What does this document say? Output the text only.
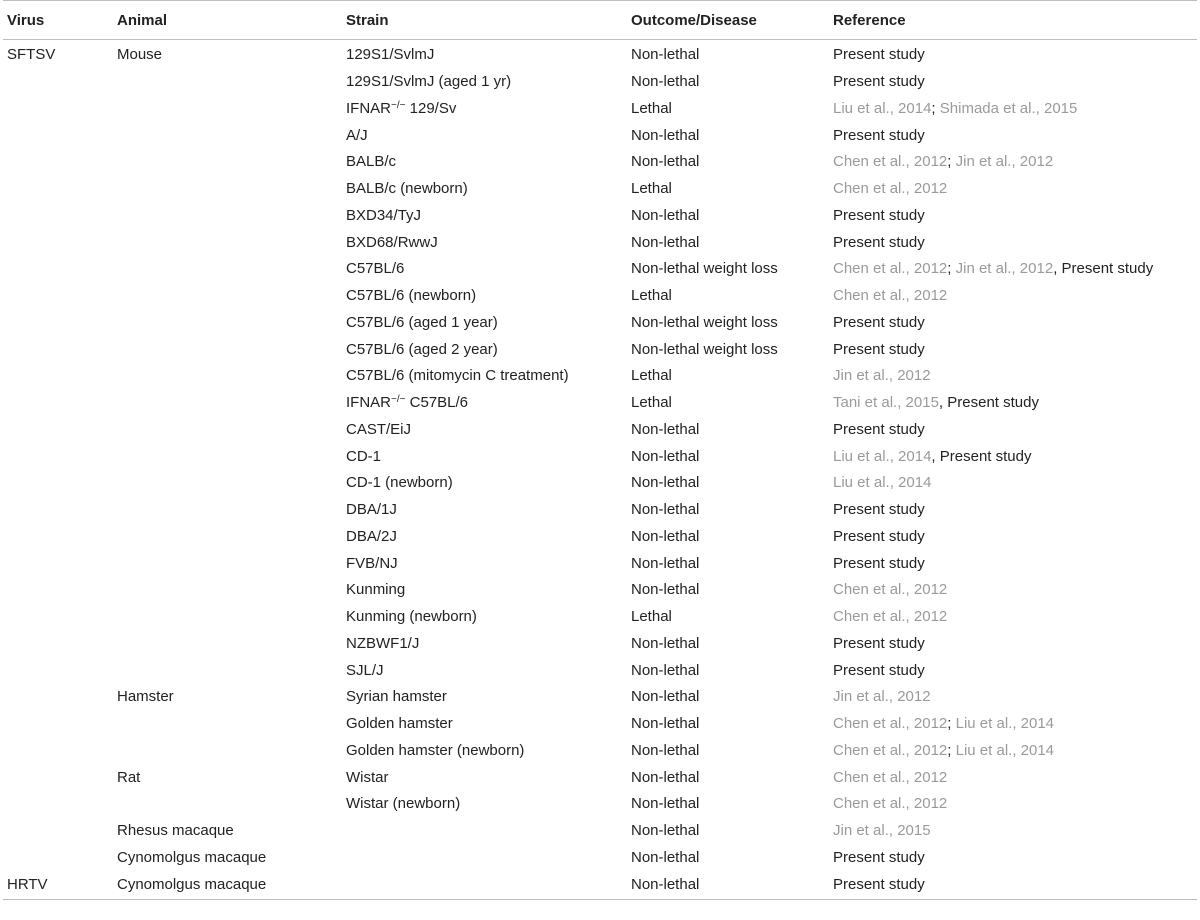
Virus	Animal	Strain	Outcome/Disease	Reference
SFTSV	Mouse	129S1/SvlmJ	Non-lethal	Present study
		129S1/SvlmJ (aged 1 yr)	Non-lethal	Present study
		IFNAR−/− 129/Sv	Lethal	Liu et al., 2014; Shimada et al., 2015
		A/J	Non-lethal	Present study
		BALB/c	Non-lethal	Chen et al., 2012; Jin et al., 2012
		BALB/c (newborn)	Lethal	Chen et al., 2012
		BXD34/TyJ	Non-lethal	Present study
		BXD68/RwwJ	Non-lethal	Present study
		C57BL/6	Non-lethal weight loss	Chen et al., 2012; Jin et al., 2012, Present study
		C57BL/6 (newborn)	Lethal	Chen et al., 2012
		C57BL/6 (aged 1 year)	Non-lethal weight loss	Present study
		C57BL/6 (aged 2 year)	Non-lethal weight loss	Present study
		C57BL/6 (mitomycin C treatment)	Lethal	Jin et al., 2012
		IFNAR−/− C57BL/6	Lethal	Tani et al., 2015, Present study
		CAST/EiJ	Non-lethal	Present study
		CD-1	Non-lethal	Liu et al., 2014, Present study
		CD-1 (newborn)	Non-lethal	Liu et al., 2014
		DBA/1J	Non-lethal	Present study
		DBA/2J	Non-lethal	Present study
		FVB/NJ	Non-lethal	Present study
		Kunming	Non-lethal	Chen et al., 2012
		Kunming (newborn)	Lethal	Chen et al., 2012
		NZBWF1/J	Non-lethal	Present study
		SJL/J	Non-lethal	Present study
	Hamster	Syrian hamster	Non-lethal	Jin et al., 2012
		Golden hamster	Non-lethal	Chen et al., 2012; Liu et al., 2014
		Golden hamster (newborn)	Non-lethal	Chen et al., 2012; Liu et al., 2014
	Rat	Wistar	Non-lethal	Chen et al., 2012
		Wistar (newborn)	Non-lethal	Chen et al., 2012
	Rhesus macaque		Non-lethal	Jin et al., 2015
	Cynomolgus macaque		Non-lethal	Present study
HRTV	Cynomolgus macaque		Non-lethal	Present study
